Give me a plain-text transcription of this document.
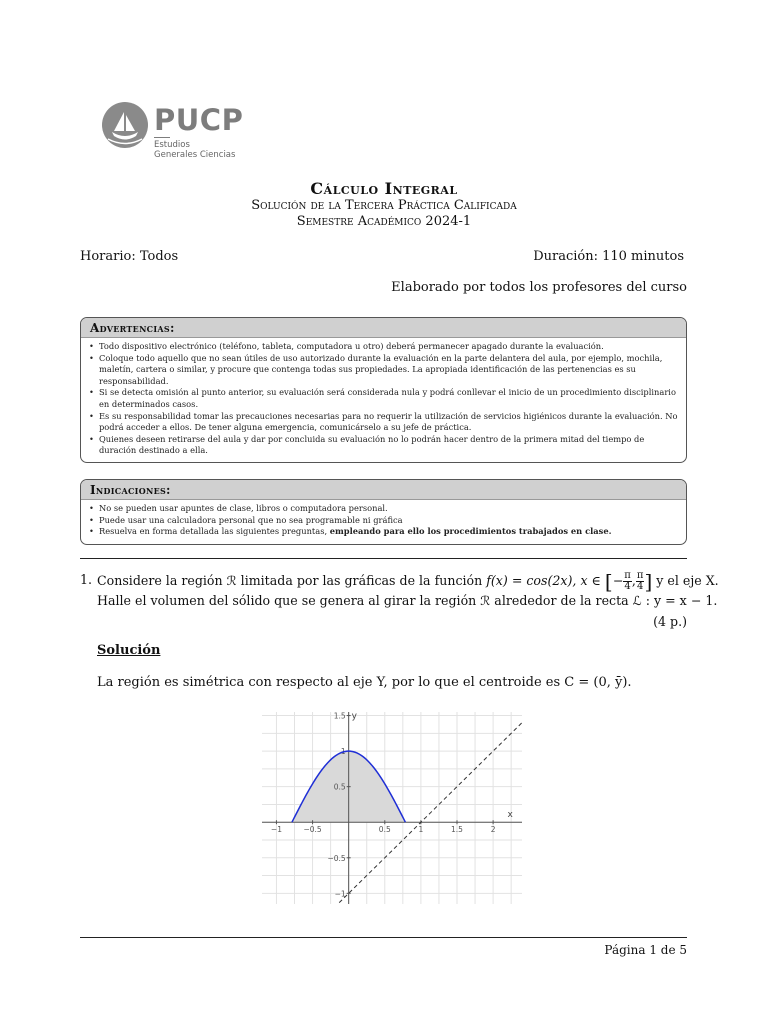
PUCP
Estudios
Generales Ciencias
Cálculo Integral
Solución de la Tercera Práctica Calificada
Semestre Académico 2024-1
Horario: Todos	Duración: 110 minutos
Elaborado por todos los profesores del curso
Advertencias:
• Todo dispositivo electrónico (teléfono, tableta, computadora u otro) deberá permanecer apagado durante la evaluación.
• Coloque todo aquello que no sean útiles de uso autorizado durante la evaluación en la parte delantera del aula, por ejemplo, mochila, maletín, cartera o similar, y procure que contenga todas sus propiedades. La apropiada identificación de las pertenencias es su responsabilidad.
• Si se detecta omisión al punto anterior, su evaluación será considerada nula y podrá conllevar el inicio de un procedimiento disciplinario en determinados casos.
• Es su responsabilidad tomar las precauciones necesarias para no requerir la utilización de servicios higiénicos durante la evaluación. No podrá acceder a ellos. De tener alguna emergencia, comunicárselo a su jefe de práctica.
• Quienes deseen retirarse del aula y dar por concluida su evaluación no lo podrán hacer dentro de la primera mitad del tiempo de duración destinado a ella.
Indicaciones:
• No se pueden usar apuntes de clase, libros o computadora personal.
• Puede usar una calculadora personal que no sea programable ni gráfica
• Resuelva en forma detallada las siguientes preguntas, empleando para ello los procedimientos trabajados en clase.
1. Considere la región ℛ limitada por las gráficas de la función f(x) = cos(2x), x ∈ [− $\frac{\pi}{4}$ , $\frac{\pi}{4}$ ] y el eje X.
Halle el volumen del sólido que se genera al girar la región ℛ alrededor de la recta ℒ : y = x − 1.
(4 p.)
Solución
La región es simétrica con respecto al eje Y, por lo que el centroide es C = (0, ȳ).
x
y
−1	−0.5	0.5	1	1.5	2
−1
−0.5
0.5
1
1.5
Página 1 de 5
